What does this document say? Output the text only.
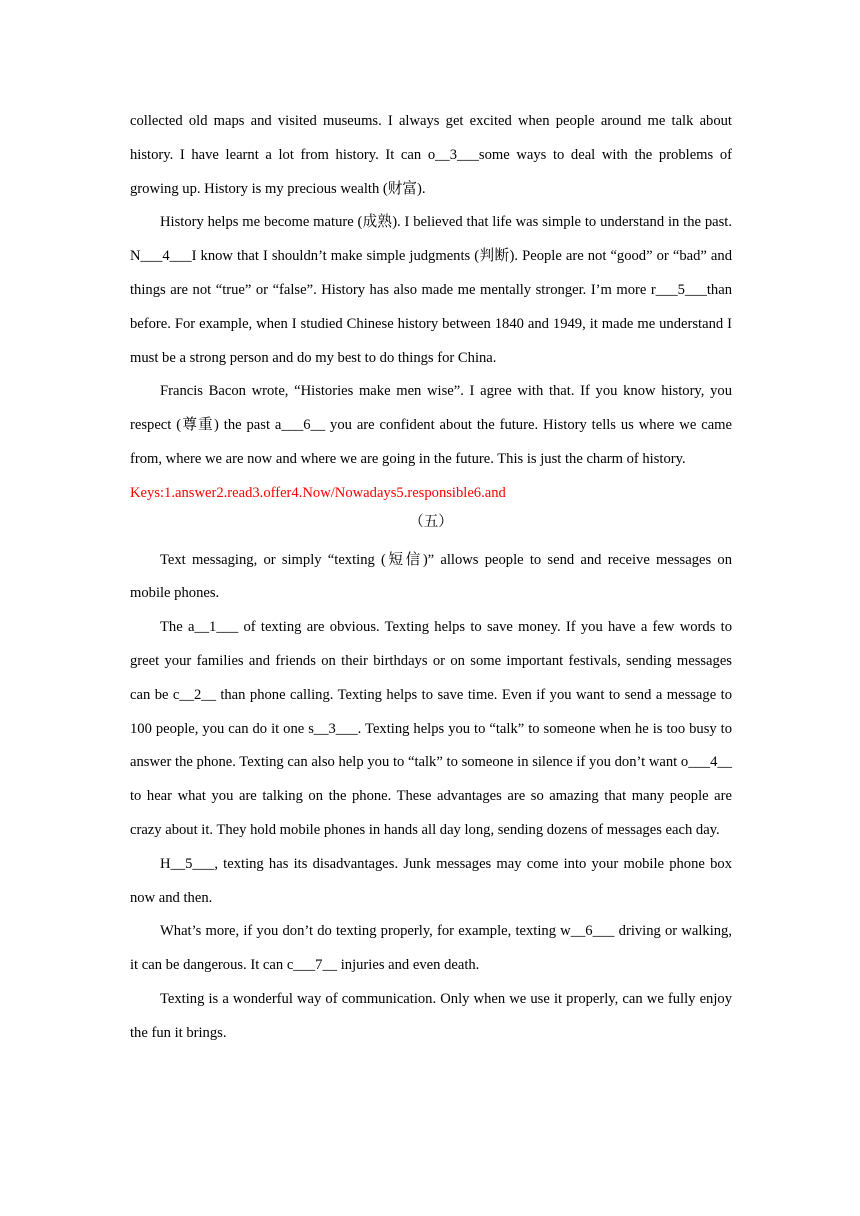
collected old maps and visited museums. I always get excited when people around me talk about history. I have learnt a lot from history. It can o__3___some ways to deal with the problems of growing up. History is my precious wealth (财富).

History helps me become mature (成熟). I believed that life was simple to understand in the past. N___4___I know that I shouldn’t make simple judgments (判断). People are not “good” or “bad” and things are not “true” or “false”. History has also made me mentally stronger. I’m more r___5___than before. For example, when I studied Chinese history between 1840 and 1949, it made me understand I must be a strong person and do my best to do things for China.

Francis Bacon wrote, “Histories make men wise”. I agree with that. If you know history, you respect (尊重) the past a___6__ you are confident about the future. History tells us where we came from, where we are now and where we are going in the future. This is just the charm of history.

Keys:1.answer2.read3.offer4.Now/Nowadays5.responsible6.and

（五）

Text messaging, or simply “texting (短信)” allows people to send and receive messages on mobile phones.

The a__1___ of texting are obvious. Texting helps to save money. If you have a few words to greet your families and friends on their birthdays or on some important festivals, sending messages can be c__2__ than phone calling. Texting helps to save time. Even if you want to send a message to 100 people, you can do it one s__3___. Texting helps you to “talk” to someone when he is too busy to answer the phone. Texting can also help you to “talk” to someone in silence if you don’t want o___4__ to hear what you are talking on the phone. These advantages are so amazing that many people are crazy about it. They hold mobile phones in hands all day long, sending dozens of messages each day.

H__5___, texting has its disadvantages. Junk messages may come into your mobile phone box now and then.

What’s more, if you don’t do texting properly, for example, texting w__6___ driving or walking, it can be dangerous. It can c___7__ injuries and even death.

Texting is a wonderful way of communication. Only when we use it properly, can we fully enjoy the fun it brings.
